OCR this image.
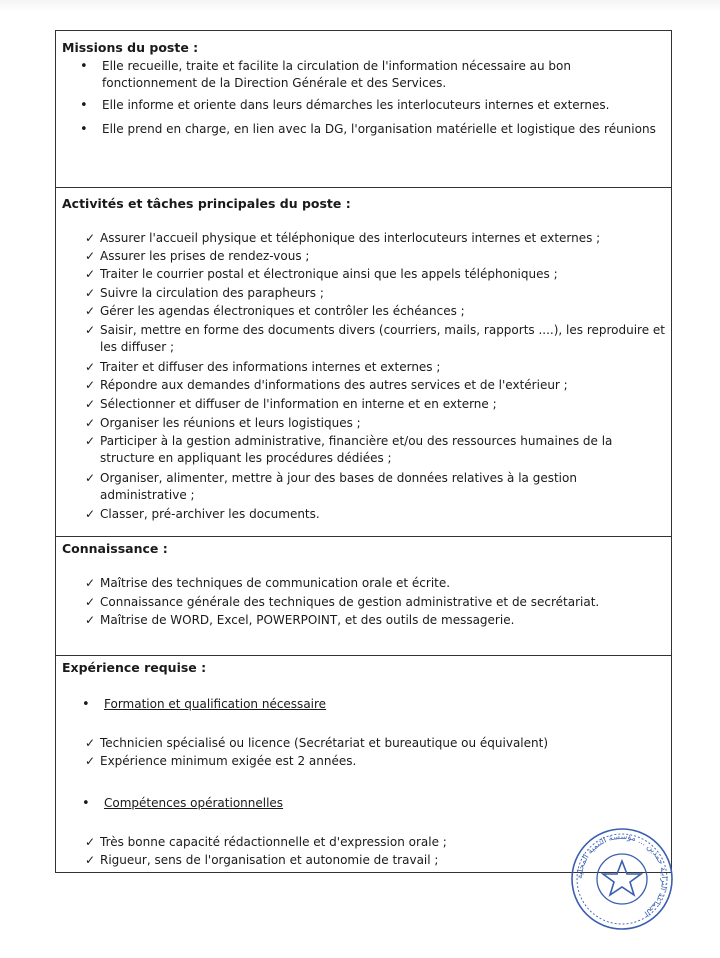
Missions du poste :
• Elle recueille, traite et facilite la circulation de l'information nécessaire au bon fonctionnement de la Direction Générale et des Services.
• Elle informe et oriente dans leurs démarches les interlocuteurs internes et externes.
• Elle prend en charge, en lien avec la DG, l'organisation matérielle et logistique des réunions
Activités et tâches principales du poste :
✓ Assurer l'accueil physique et téléphonique des interlocuteurs internes et externes ;
✓ Assurer les prises de rendez-vous ;
✓ Traiter le courrier postal et électronique ainsi que les appels téléphoniques ;
✓ Suivre la circulation des parapheurs ;
✓ Gérer les agendas électroniques et contrôler les échéances ;
✓ Saisir, mettre en forme des documents divers (courriers, mails, rapports ....), les reproduire et les diffuser ;
✓ Traiter et diffuser des informations internes et externes ;
✓ Répondre aux demandes d'informations des autres services et de l'extérieur ;
✓ Sélectionner et diffuser de l'information en interne et en externe ;
✓ Organiser les réunions et leurs logistiques ;
✓ Participer à la gestion administrative, financière et/ou des ressources humaines de la structure en appliquant les procédures dédiées ;
✓ Organiser, alimenter, mettre à jour des bases de données relatives à la gestion administrative ;
✓ Classer, pré-archiver les documents.
Connaissance :
✓ Maîtrise des techniques de communication orale et écrite.
✓ Connaissance générale des techniques de gestion administrative et de secrétariat.
✓ Maîtrise de WORD, Excel, POWERPOINT, et des outils de messagerie.
Expérience requise :
• Formation et qualification nécessaire
✓ Technicien spécialisé ou licence (Secrétariat et bureautique ou équivalent)
✓ Expérience minimum exigée est 2 années.
• Compétences opérationnelles
✓ Très bonne capacité rédactionnelle et d'expression orale ;
✓ Rigueur, sens de l'organisation et autonomie de travail ;
الجماعة الترابية حمدين ... مؤسسة التنمية المحلية
